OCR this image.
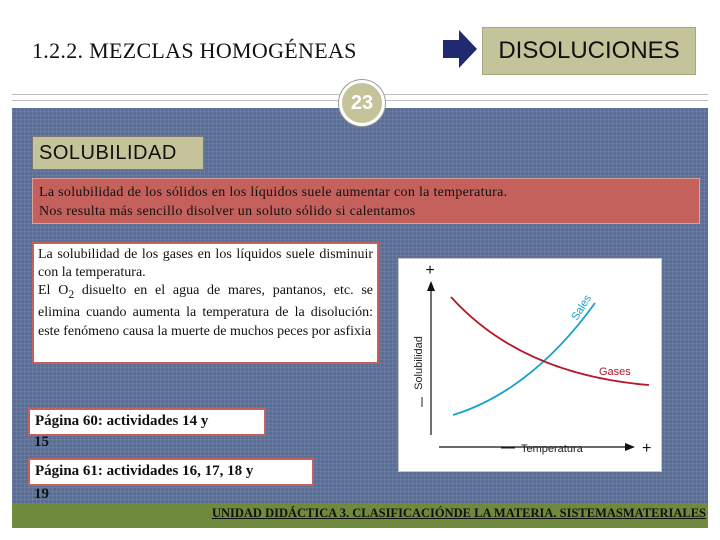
1.2.2. MEZCLAS HOMOGÉNEAS	DISOLUCIONES
23
SOLUBILIDAD
La solubilidad de los sólidos en los líquidos suele aumentar con la temperatura.
Nos resulta más sencillo disolver un soluto sólido si calentamos
La solubilidad de los gases en los líquidos suele disminuir con la temperatura.
El $O_2$ disuelto en el agua de mares, pantanos, etc. se elimina cuando aumenta la temperatura de la disolución: este fenómeno causa la muerte de muchos peces por asfixia
+
Solubilidad
+
Temperatura
Sales
Gases
Página 60: actividades 14 y
15
Página 61: actividades 16, 17, 18 y
19
UNIDAD DIDÁCTICA 3. CLASIFICACIÓNDE LA MATERIA. SISTEMASMATERIALES
